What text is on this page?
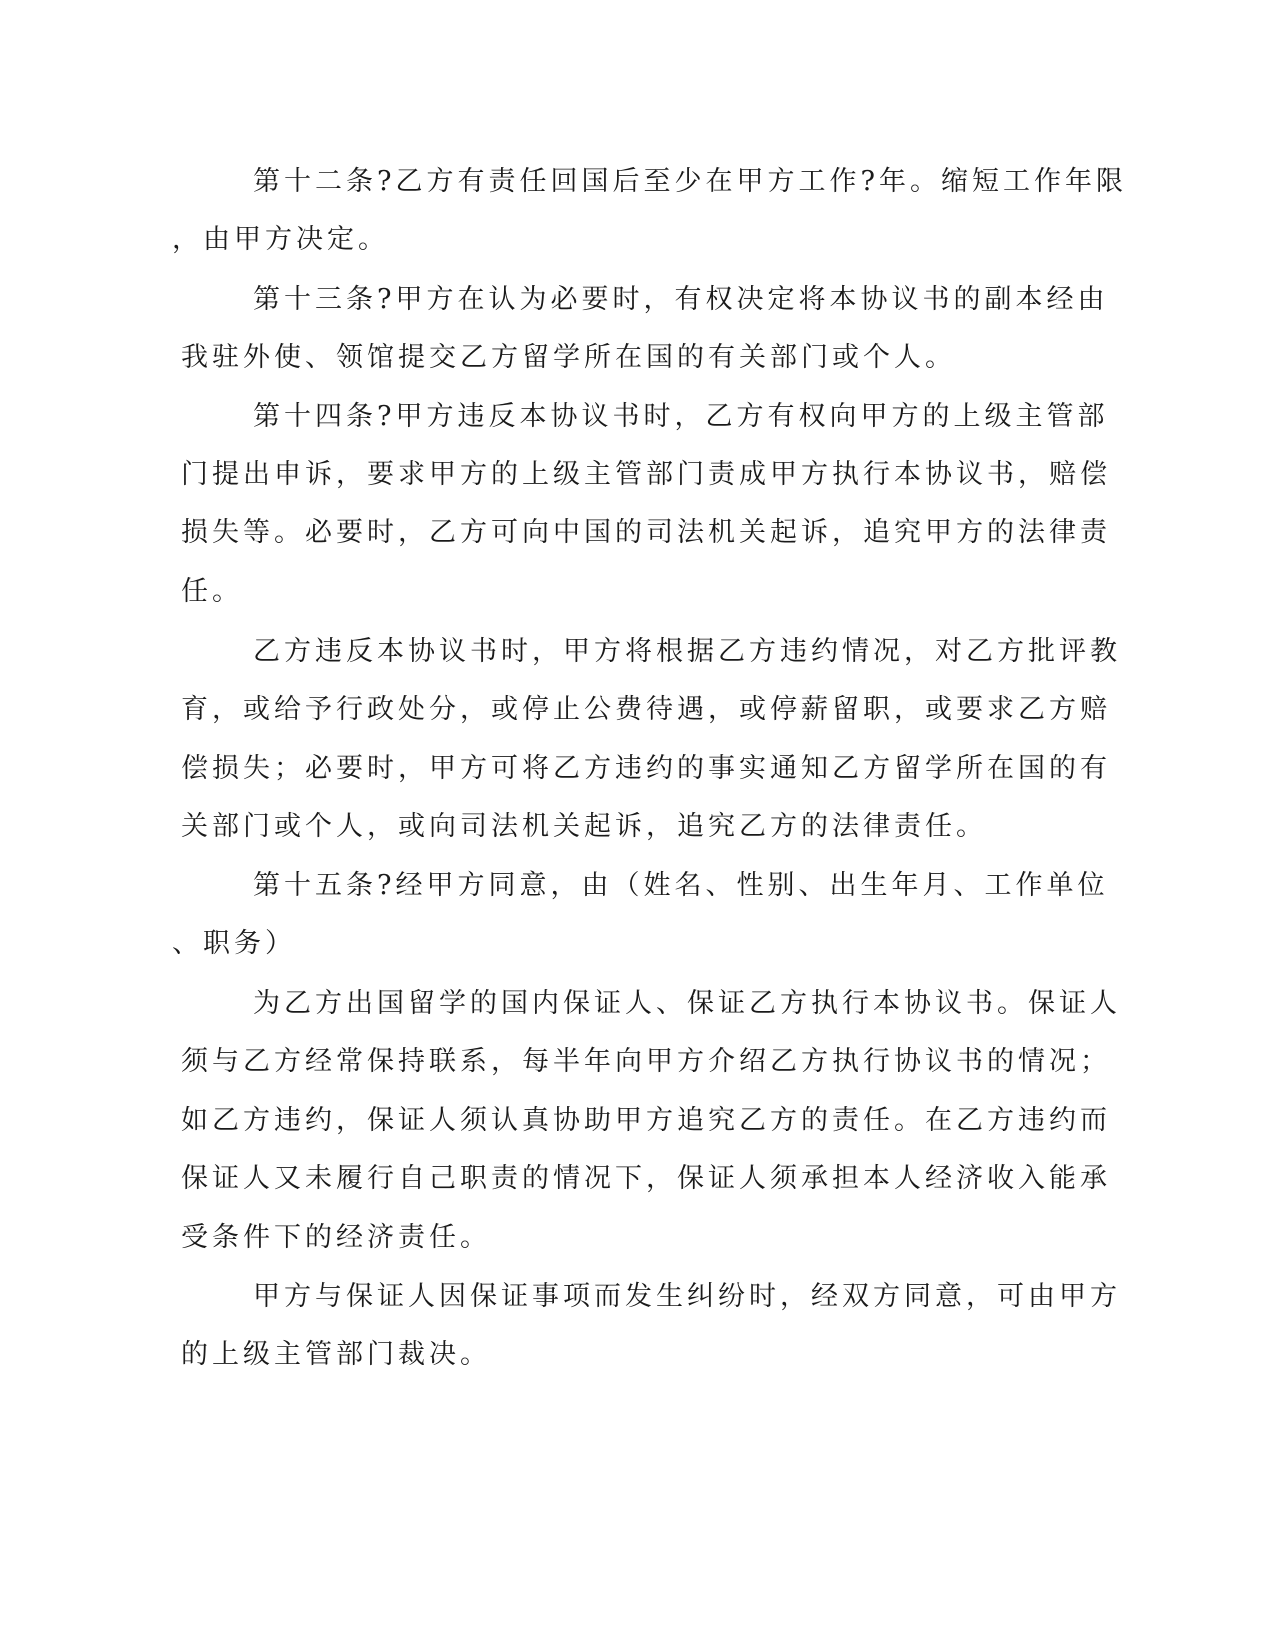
第十二条?乙方有责任回国后至少在甲方工作?年。缩短工作年限

，由甲方决定。

第十三条?甲方在认为必要时，有权决定将本协议书的副本经由

我驻外使、领馆提交乙方留学所在国的有关部门或个人。

第十四条?甲方违反本协议书时，乙方有权向甲方的上级主管部

门提出申诉，要求甲方的上级主管部门责成甲方执行本协议书，赔偿

损失等。必要时，乙方可向中国的司法机关起诉，追究甲方的法律责

任。

乙方违反本协议书时，甲方将根据乙方违约情况，对乙方批评教

育，或给予行政处分，或停止公费待遇，或停薪留职，或要求乙方赔

偿损失；必要时，甲方可将乙方违约的事实通知乙方留学所在国的有

关部门或个人，或向司法机关起诉，追究乙方的法律责任。

第十五条?经甲方同意，由（姓名、性别、出生年月、工作单位

、职务）

为乙方出国留学的国内保证人、保证乙方执行本协议书。保证人

须与乙方经常保持联系，每半年向甲方介绍乙方执行协议书的情况；

如乙方违约，保证人须认真协助甲方追究乙方的责任。在乙方违约而

保证人又未履行自己职责的情况下，保证人须承担本人经济收入能承

受条件下的经济责任。

甲方与保证人因保证事项而发生纠纷时，经双方同意，可由甲方

的上级主管部门裁决。
